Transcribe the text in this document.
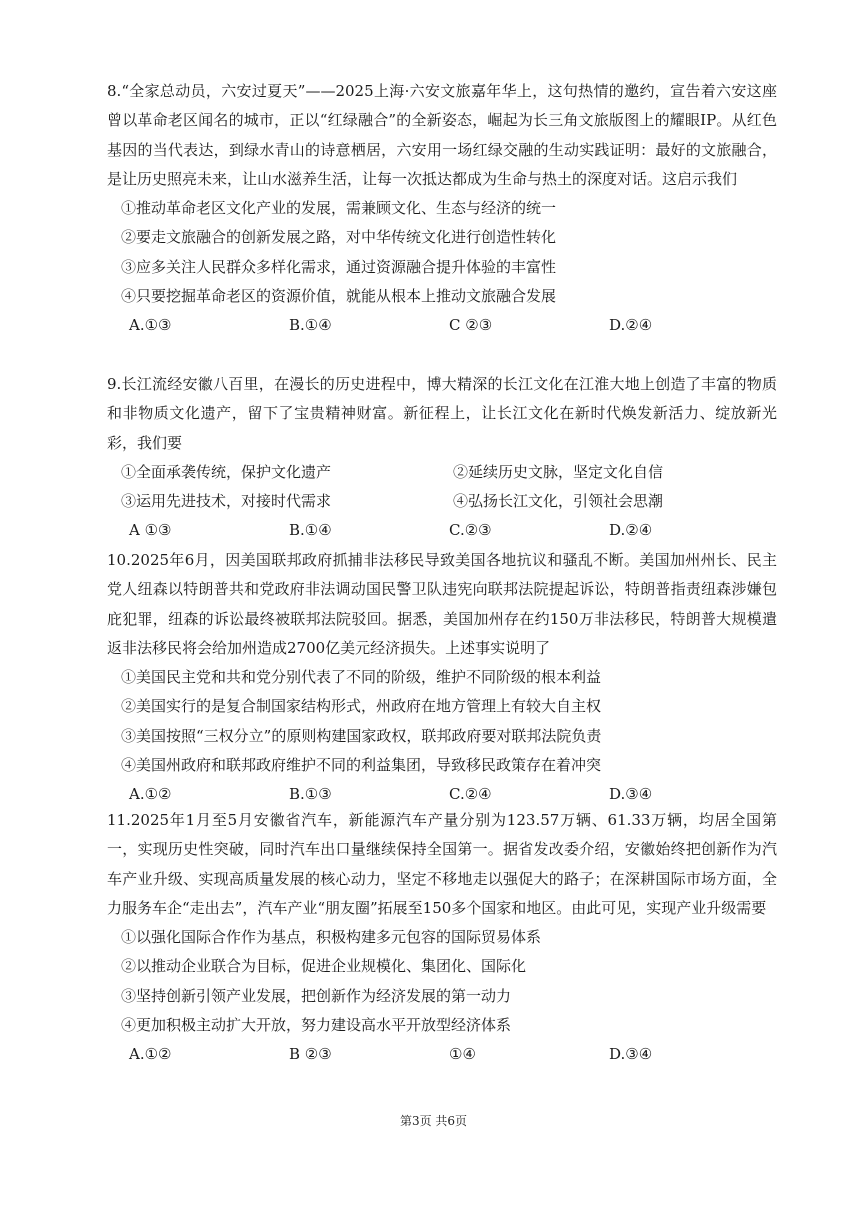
8.“全家总动员，六安过夏天”——2025上海·六安文旅嘉年华上，这句热情的邀约，宣告着六安这座曾以革命老区闻名的城市，正以“红绿融合”的全新姿态，崛起为长三角文旅版图上的耀眼IP。从红色基因的当代表达，到绿水青山的诗意栖居，六安用一场红绿交融的生动实践证明：最好的文旅融合，是让历史照亮未来，让山水滋养生活，让每一次抵达都成为生命与热土的深度对话。这启示我们

①推动革命老区文化产业的发展，需兼顾文化、生态与经济的统一

②要走文旅融合的创新发展之路，对中华传统文化进行创造性转化

③应多关注人民群众多样化需求，通过资源融合提升体验的丰富性

④只要挖掘革命老区的资源价值，就能从根本上推动文旅融合发展

A.①③	B.①④	C ②③	D.②④

9.长江流经安徽八百里，在漫长的历史进程中，博大精深的长江文化在江淮大地上创造了丰富的物质和非物质文化遗产，留下了宝贵精神财富。新征程上，让长江文化在新时代焕发新活力、绽放新光彩，我们要

①全面承袭传统，保护文化遗产	②延续历史文脉，坚定文化自信

③运用先进技术，对接时代需求	④弘扬长江文化，引领社会思潮

A ①③	B.①④	C.②③	D.②④

10.2025年6月，因美国联邦政府抓捕非法移民导致美国各地抗议和骚乱不断。美国加州州长、民主党人纽森以特朗普共和党政府非法调动国民警卫队违宪向联邦法院提起诉讼，特朗普指责纽森涉嫌包庇犯罪，纽森的诉讼最终被联邦法院驳回。据悉，美国加州存在约150万非法移民，特朗普大规模遣返非法移民将会给加州造成2700亿美元经济损失。上述事实说明了

①美国民主党和共和党分别代表了不同的阶级，维护不同阶级的根本利益

②美国实行的是复合制国家结构形式，州政府在地方管理上有较大自主权

③美国按照“三权分立”的原则构建国家政权，联邦政府要对联邦法院负责

④美国州政府和联邦政府维护不同的利益集团，导致移民政策存在着冲突

A.①②	B.①③	C.②④	D.③④

11.2025年1月至5月安徽省汽车，新能源汽车产量分别为123.57万辆、61.33万辆，均居全国第一，实现历史性突破，同时汽车出口量继续保持全国第一。据省发改委介绍，安徽始终把创新作为汽车产业升级、实现高质量发展的核心动力，坚定不移地走以强促大的路子；在深耕国际市场方面，全力服务车企“走出去”，汽车产业“朋友圈”拓展至150多个国家和地区。由此可见，实现产业升级需要

①以强化国际合作作为基点，积极构建多元包容的国际贸易体系

②以推动企业联合为目标，促进企业规模化、集团化、国际化

③坚持创新引领产业发展，把创新作为经济发展的第一动力

④更加积极主动扩大开放，努力建设高水平开放型经济体系

A.①②	B ②③	①④	D.③④
第3页 共6页
